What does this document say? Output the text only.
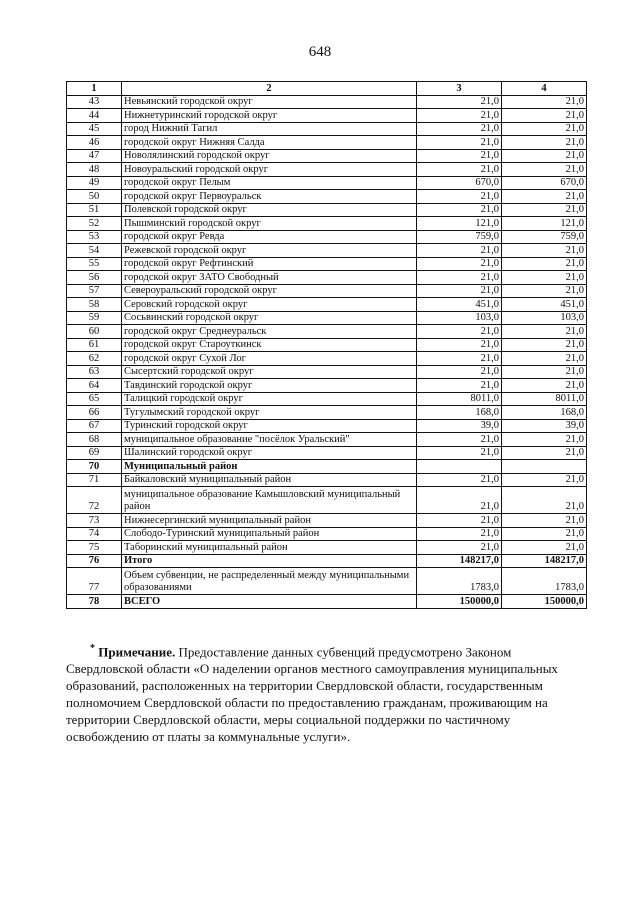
648
1	2	3	4
43	Невьянский городской округ	21,0	21,0
44	Нижнетуринский городской округ	21,0	21,0
45	город Нижний Тагил	21,0	21,0
46	городской округ Нижняя Салда	21,0	21,0
47	Новолялинский городской округ	21,0	21,0
48	Новоуральский городской округ	21,0	21,0
49	городской округ Пелым	670,0	670,0
50	городской округ Первоуральск	21,0	21,0
51	Полевской городской округ	21,0	21,0
52	Пышминский городской округ	121,0	121,0
53	городской округ Ревда	759,0	759,0
54	Режевской городской округ	21,0	21,0
55	городской округ Рефтинский	21,0	21,0
56	городской округ ЗАТО Свободный	21,0	21,0
57	Североуральский городской округ	21,0	21,0
58	Серовский городской округ	451,0	451,0
59	Сосьвинский городской округ	103,0	103,0
60	городской округ Среднеуральск	21,0	21,0
61	городской округ Староуткинск	21,0	21,0
62	городской округ Сухой Лог	21,0	21,0
63	Сысертский городской округ	21,0	21,0
64	Тавдинский городской округ	21,0	21,0
65	Талицкий городской округ	8011,0	8011,0
66	Тугулымский городской округ	168,0	168,0
67	Туринский городской округ	39,0	39,0
68	муниципальное образование "посёлок Уральский"	21,0	21,0
69	Шалинский городской округ	21,0	21,0
70	Муниципальный район		
71	Байкаловский муниципальный район	21,0	21,0
72	муниципальное образование Камышловский муниципальный район	21,0	21,0
73	Нижнесергинский муниципальный район	21,0	21,0
74	Слободо-Туринский муниципальный район	21,0	21,0
75	Таборинский муниципальный район	21,0	21,0
76	Итого	148217,0	148217,0
77	Объем субвенции, не распределенный между муниципальными образованиями	1783,0	1783,0
78	ВСЕГО	150000,0	150000,0
* Примечание. Предоставление данных субвенций предусмотрено Законом Свердловской области «О наделении органов местного самоуправления муниципальных образований, расположенных на территории Свердловской области, государственным полномочием Свердловской области по предоставлению гражданам, проживающим на территории Свердловской области, меры социальной поддержки по частичному освобождению от платы за коммунальные услуги».
